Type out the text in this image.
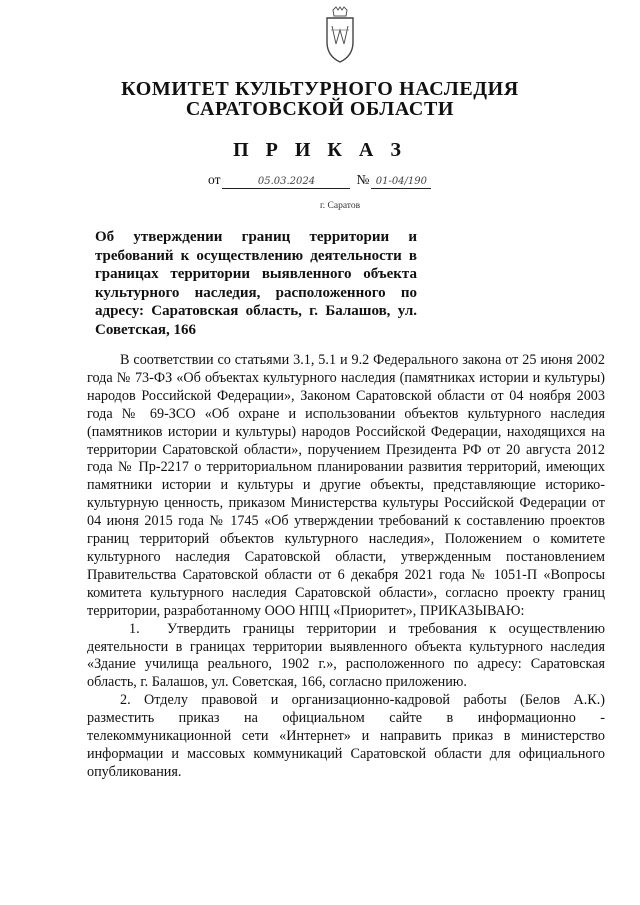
КОМИТЕТ КУЛЬТУРНОГО НАСЛЕДИЯ
САРАТОВСКОЙ ОБЛАСТИ
П Р И К А З
от	05.03.2024	№ 01-04/190
г. Саратов
Об утверждении границ территории и требований к осуществлению деятельности в границах территории выявленного объекта культурного наследия, расположенного по адресу: Саратовская область, г. Балашов, ул. Советская, 166

В соответствии со статьями 3.1, 5.1 и 9.2 Федерального закона от 25 июня 2002 года № 73-ФЗ «Об объектах культурного наследия (памятниках истории и культуры) народов Российской Федерации», Законом Саратовской области от 04 ноября 2003 года № 69-ЗСО «Об охране и использовании объектов культурного наследия (памятников истории и культуры) народов Российской Федерации, находящихся на территории Саратовской области», поручением Президента РФ от 20 августа 2012 года № Пр-2217 о территориальном планировании развития территорий, имеющих памятники истории и культуры и другие объекты, представляющие историко-культурную ценность, приказом Министерства культуры Российской Федерации от 04 июня 2015 года № 1745 «Об утверждении требований к составлению проектов границ территорий объектов культурного наследия», Положением о комитете культурного наследия Саратовской области, утвержденным постановлением Правительства Саратовской области от 6 декабря 2021 года № 1051-П «Вопросы комитета культурного наследия Саратовской области», согласно проекту границ территории, разработанному ООО НПЦ «Приоритет», ПРИКАЗЫВАЮ:

1. Утвердить границы территории и требования к осуществлению деятельности в границах территории выявленного объекта культурного наследия «Здание училища реального, 1902 г.», расположенного по адресу: Саратовская область, г. Балашов, ул. Советская, 166, согласно приложению.

2. Отделу правовой и организационно-кадровой работы (Белов А.К.) разместить приказ на официальном сайте в информационно - телекоммуникационной сети «Интернет» и направить приказ в министерство информации и массовых коммуникаций Саратовской области для официального опубликования.
